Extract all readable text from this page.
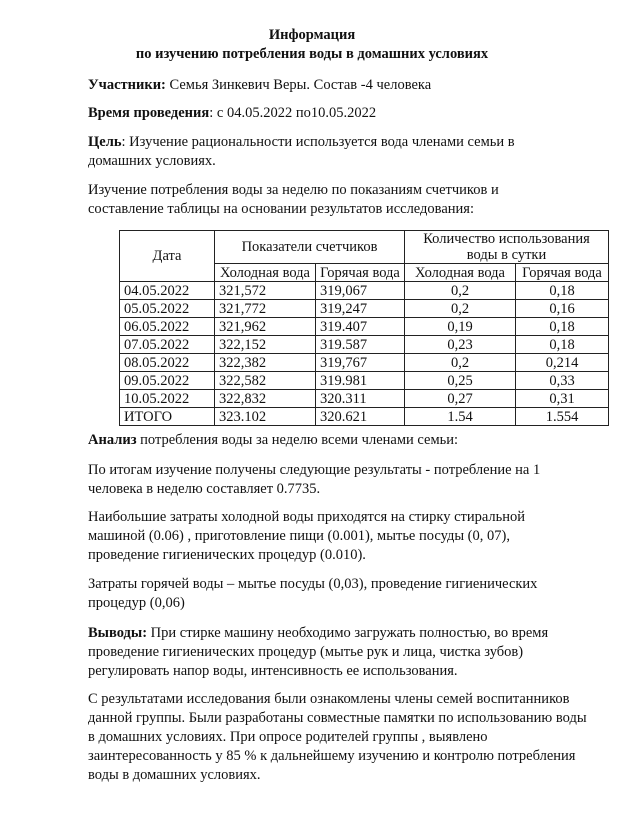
Информация
по изучению потребления воды в домашних условиях

Участники: Семья Зинкевич Веры. Состав -4 человека

Время проведения: с 04.05.2022 по10.05.2022

Цель: Изучение рациональности используется вода членами семьи в домашних условиях.

Изучение потребления воды за неделю по показаниям счетчиков и составление таблицы на основании результатов исследования:

Дата	Показатели счетчиков		Количество использования воды в сутки	
	Холодная вода	Горячая вода	Холодная вода	Горячая вода
04.05.2022	321,572	319,067	0,2	0,18
05.05.2022	321,772	319,247	0,2	0,16
06.05.2022	321,962	319.407	0,19	0,18
07.05.2022	322,152	319.587	0,23	0,18
08.05.2022	322,382	319,767	0,2	0,214
09.05.2022	322,582	319.981	0,25	0,33
10.05.2022	322,832	320.311	0,27	0,31
ИТОГО	323.102	320.621	1.54	1.554

Анализ потребления воды за неделю всеми членами семьи:

По итогам изучение получены следующие результаты - потребление на 1 человека в неделю составляет 0.7735.

Наибольшие затраты холодной воды приходятся на стирку стиральной машиной (0.06) , приготовление пищи (0.001), мытье посуды (0, 07), проведение гигиенических процедур (0.010).

Затраты горячей воды – мытье посуды (0,03), проведение гигиенических процедур (0,06)

Выводы: При стирке машину необходимо загружать полностью, во время проведение гигиенических процедур (мытье рук и лица, чистка зубов) регулировать напор воды, интенсивность ее использования.

С результатами исследования были ознакомлены члены семей воспитанников данной группы. Были разработаны совместные памятки по использованию воды в домашних условиях. При опросе родителей группы , выявлено заинтересованность у 85 % к дальнейшему изучению и контролю потребления воды в домашних условиях.
